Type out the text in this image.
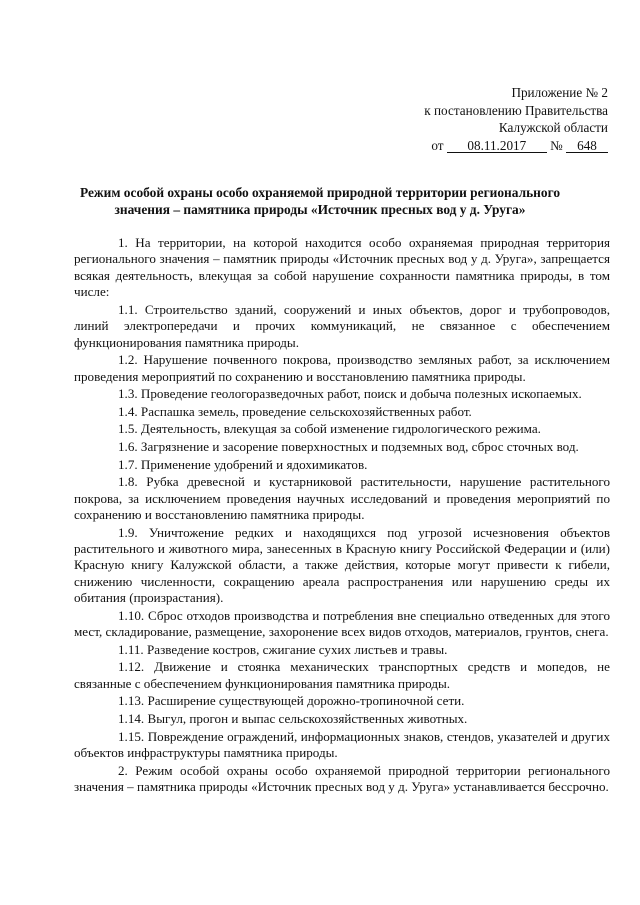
Приложение № 2
к постановлению Правительства
Калужской области
от 08.11.2017 № 648
Режим особой охраны особо охраняемой природной территории регионального значения – памятника природы «Источник пресных вод у д. Уруга»

1. На территории, на которой находится особо охраняемая природная территория регионального значения – памятник природы «Источник пресных вод у д. Уруга», запрещается всякая деятельность, влекущая за собой нарушение сохранности памятника природы, в том числе:

1.1. Строительство зданий, сооружений и иных объектов, дорог и трубопроводов, линий электропередачи и прочих коммуникаций, не связанное с обеспечением функционирования памятника природы.

1.2. Нарушение почвенного покрова, производство земляных работ, за исключением проведения мероприятий по сохранению и восстановлению памятника природы.

1.3. Проведение геологоразведочных работ, поиск и добыча полезных ископаемых.

1.4. Распашка земель, проведение сельскохозяйственных работ.

1.5. Деятельность, влекущая за собой изменение гидрологического режима.

1.6. Загрязнение и засорение поверхностных и подземных вод, сброс сточных вод.

1.7. Применение удобрений и ядохимикатов.

1.8. Рубка древесной и кустарниковой растительности, нарушение растительного покрова, за исключением проведения научных исследований и проведения мероприятий по сохранению и восстановлению памятника природы.

1.9. Уничтожение редких и находящихся под угрозой исчезновения объектов растительного и животного мира, занесенных в Красную книгу Российской Федерации и (или) Красную книгу Калужской области, а также действия, которые могут привести к гибели, снижению численности, сокращению ареала распространения или нарушению среды их обитания (произрастания).

1.10. Сброс отходов производства и потребления вне специально отведенных для этого мест, складирование, размещение, захоронение всех видов отходов, материалов, грунтов, снега.

1.11. Разведение костров, сжигание сухих листьев и травы.

1.12. Движение и стоянка механических транспортных средств и мопедов, не связанные с обеспечением функционирования памятника природы.

1.13. Расширение существующей дорожно-тропиночной сети.

1.14. Выгул, прогон и выпас сельскохозяйственных животных.

1.15. Повреждение ограждений, информационных знаков, стендов, указателей и других объектов инфраструктуры памятника природы.

2. Режим особой охраны особо охраняемой природной территории регионального значения – памятника природы «Источник пресных вод у д. Уруга» устанавливается бессрочно.
